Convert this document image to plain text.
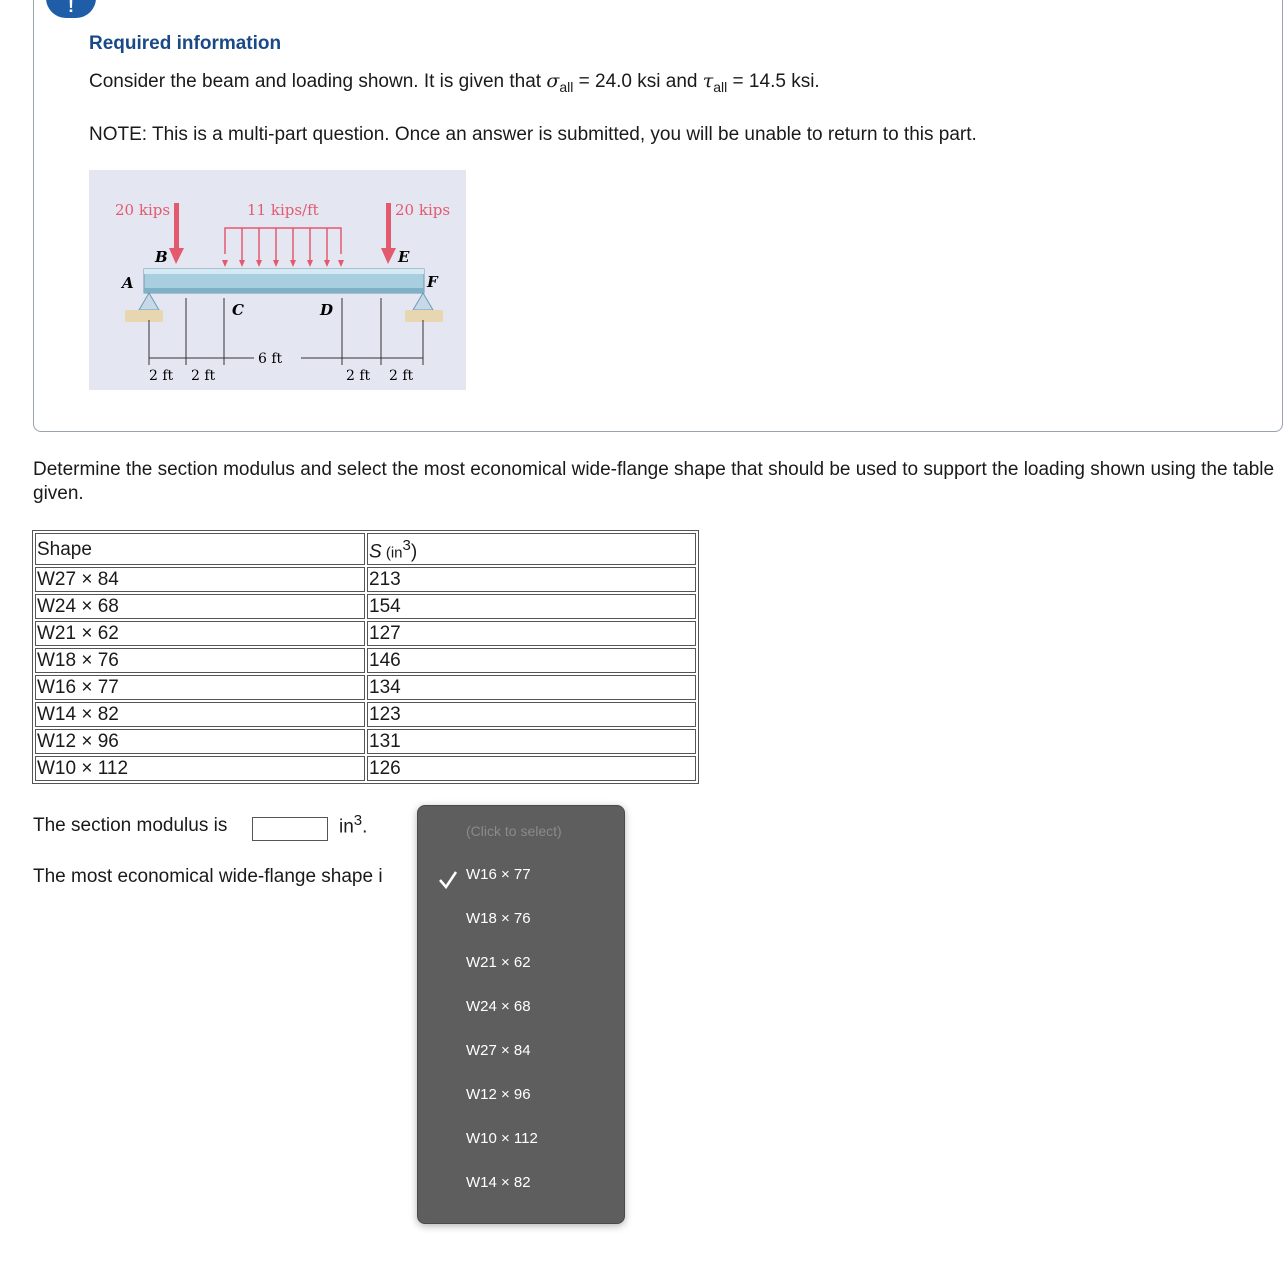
!
Required information
Consider the beam and loading shown. It is given that $\sigma_{all} = 24.0$ ksi and $\tau_{all} = 14.5$ ksi.
NOTE: This is a multi-part question. Once an answer is submitted, you will be unable to return to this part.
20 kips	11 kips/ft	20 kips
A
B
C	D
E
F
2 ft 2 ft
6 ft
2 ft 2 ft
Determine the section modulus and select the most economical wide-flange shape that should be used to support the loading shown using the table given.
Shape	S $(in^3)$
W27 × 84	213
W24 × 68	154
W21 × 62	127
W18 × 76	146
W16 × 77	134
W14 × 82	123
W12 × 96	131
W10 × 112	126
The section modulus is	$in^3$.
The most economical wide-flange shape i
(Click to select)
W16 × 77
W18 × 76
W21 × 62
W24 × 68
W27 × 84
W12 × 96
W10 × 112
W14 × 82
